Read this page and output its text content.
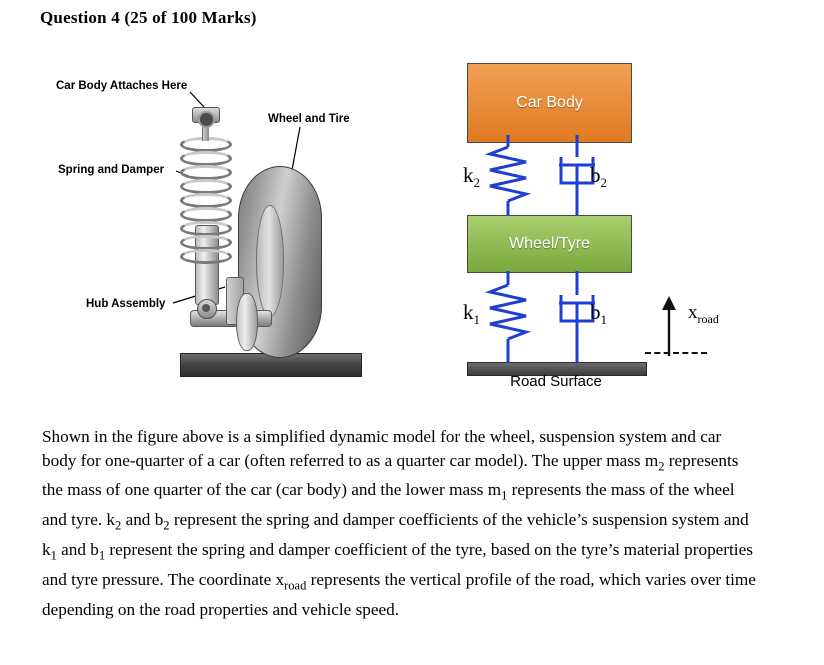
Question 4 (25 of 100 Marks)
Car Body Attaches Here
Wheel and Tire
Spring and Damper
Hub Assembly
Car Body
Wheel/Tyre
Road Surface
$k_2$	$b_2$
$k_1$	$b_1$	$x_{road}$
Shown in the figure above is a simplified dynamic model for the wheel, suspension system and car body for one-quarter of a car (often referred to as a quarter car model). The upper mass $m_2$ represents the mass of one quarter of the car (car body) and the lower mass $m_1$ represents the mass of the wheel and tyre. $k_2$ and $b_2$ represent the spring and damper coefficients of the vehicle’s suspension system and $k_1$ and $b_1$ represent the spring and damper coefficient of the tyre, based on the tyre’s material properties and tyre pressure. The coordinate $x_{road}$ represents the vertical profile of the road, which varies over time depending on the road properties and vehicle speed.
